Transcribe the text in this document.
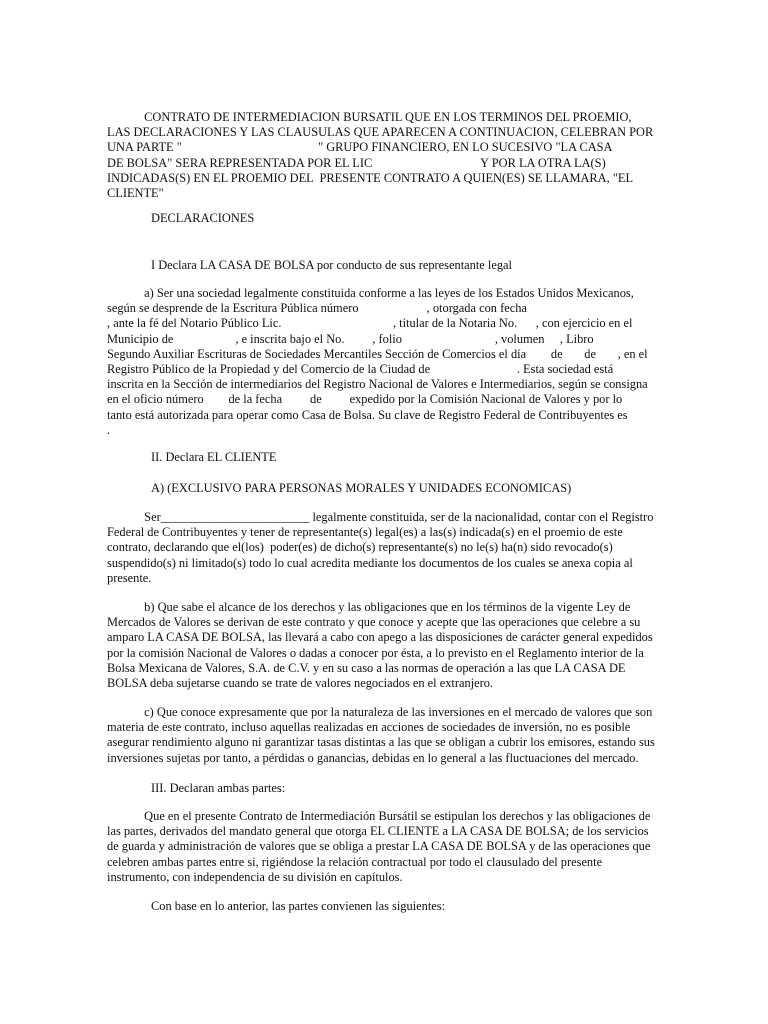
CONTRATO DE INTERMEDIACION BURSATIL QUE EN LOS TERMINOS DEL PROEMIO,
LAS DECLARACIONES Y LAS CLAUSULAS QUE APARECEN A CONTINUACION, CELEBRAN POR
UNA PARTE "                                            " GRUPO FINANCIERO, EN LO SUCESIVO "LA CASA
DE BOLSA" SERA REPRESENTADA POR EL LIC                                   Y POR LA OTRA LA(S)
INDICADAS(S) EN EL PROEMIO DEL  PRESENTE CONTRATO A QUIEN(ES) SE LLAMARA, "EL
CLIENTE"
DECLARACIONES
I Declara LA CASA DE BOLSA por conducto de sus representante legal
a) Ser una sociedad legalmente constituida conforme a las leyes de los Estados Unidos Mexicanos,
según se desprende de la Escritura Pública número                      , otorgada con fecha
, ante la fé del Notario Público Lic.                                    , titular de la Notaria No.      , con ejercicio en el
Municipio de                    , e inscrita bajo el No.         , folio                              , volumen     , Libro
Segundo Auxiliar Escrituras de Sociedades Mercantiles Sección de Comercios el día        de       de       , en el
Registro Público de la Propiedad y del Comercio de la Ciudad de                            . Esta sociedad está
inscrita en la Sección de intermediarios del Registro Nacional de Valores e Intermediarios, según se consigna
en el oficio número        de la fecha         de         expedido por la Comisión Nacional de Valores y por lo
tanto está autorizada para operar como Casa de Bolsa. Su clave de Registro Federal de Contribuyentes es
.
II. Declara EL CLIENTE
A) (EXCLUSIVO PARA PERSONAS MORALES Y UNIDADES ECONOMICAS)
Ser________________________ legalmente constituida, ser de la nacionalidad, contar con el Registro
Federal de Contribuyentes y tener de representante(s) legal(es) a las(s) indicada(s) en el proemio de este
contrato, declarando que el(los)  poder(es) de dicho(s) representante(s) no le(s) ha(n) sido revocado(s)
suspendido(s) ni limitado(s) todo lo cual acredita mediante los documentos de los cuales se anexa copia al
presente.
b) Que sabe el alcance de los derechos y las obligaciones que en los términos de la vigente Ley de
Mercados de Valores se derivan de este contrato y que conoce y acepte que las operaciones que celebre a su
amparo LA CASA DE BOLSA, las llevará a cabo con apego a las disposiciones de carácter general expedidos
por la comisión Nacional de Valores o dadas a conocer por ésta, a lo previsto en el Reglamento interior de la
Bolsa Mexicana de Valores, S.A. de C.V. y en su caso a las normas de operación a las que LA CASA DE
BOLSA deba sujetarse cuando se trate de valores negociados en el extranjero.
c) Que conoce expresamente que por la naturaleza de las inversiones en el mercado de valores que son
materia de este contrato, incluso aquellas realizadas en acciones de sociedades de inversión, no es posible
asegurar rendimiento alguno ni garantizar tasas distintas a las que se obligan a cubrir los emisores, estando sus
inversiones sujetas por tanto, a pérdidas o ganancias, debidas en lo general a las fluctuaciones del mercado.
III. Declaran ambas partes:
Que en el presente Contrato de Intermediación Bursátil se estipulan los derechos y las obligaciones de
las partes, derivados del mandato general que otorga EL CLIENTE a LA CASA DE BOLSA; de los servicios
de guarda y administración de valores que se obliga a prestar LA CASA DE BOLSA y de las operaciones que
celebren ambas partes entre si, rigiéndose la relación contractual por todo el clausulado del presente
instrumento, con independencia de su división en capítulos.
Con base en lo anterior, las partes convienen las siguientes:
